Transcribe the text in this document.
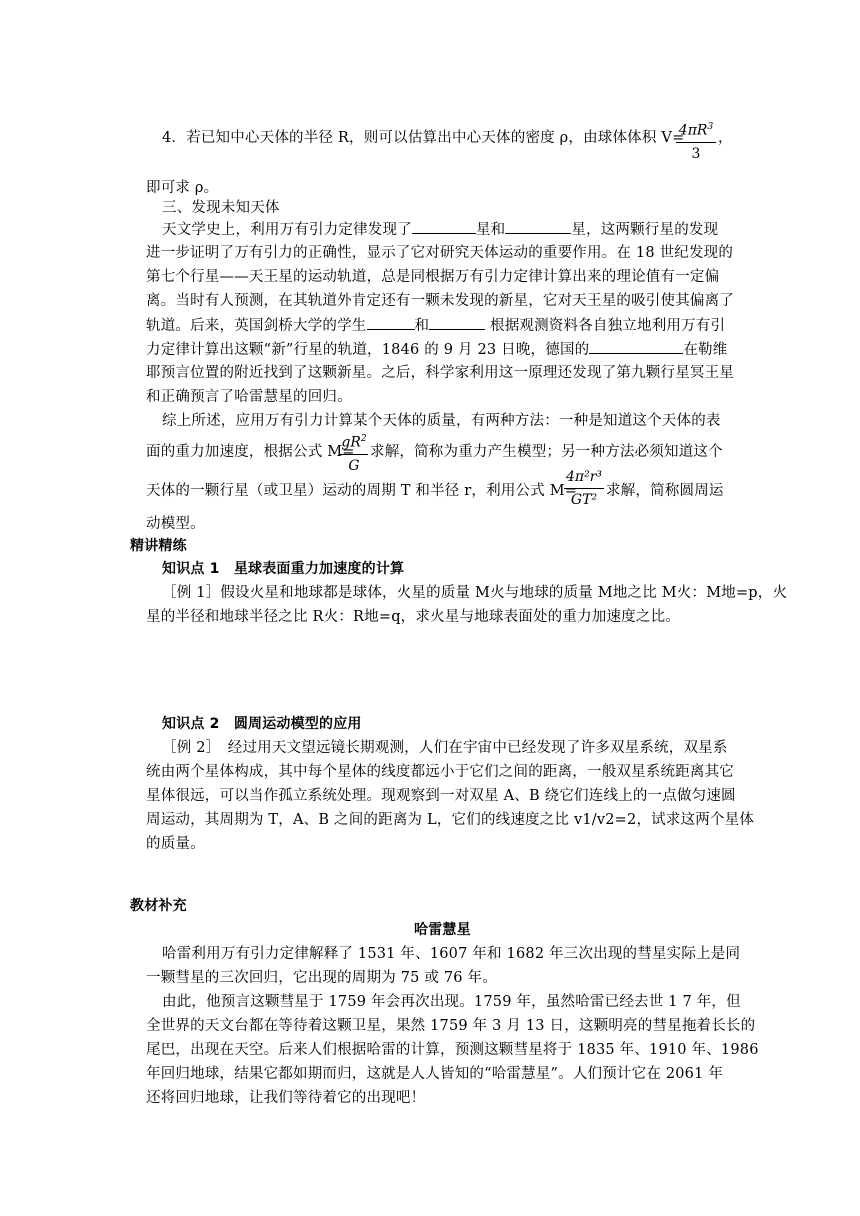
4．若已知中心天体的半径 R，则可以估算出中心天体的密度 ρ，由球体体积 V=
$4\pi R^3$
3
，
即可求 ρ。
三、发现未知天体
天文学史上，利用万有引力定律发现了	星和	星，这两颗行星的发现
进一步证明了万有引力的正确性，显示了它对研究天体运动的重要作用。在 18 世纪发现的
第七个行星——天王星的运动轨道，总是同根据万有引力定律计算出来的理论值有一定偏
离。当时有人预测，在其轨道外肯定还有一颗未发现的新星，它对天王星的吸引使其偏离了
轨道。后来，英国剑桥大学的学生	和	根据观测资料各自独立地利用万有引
力定律计算出这颗“新”行星的轨道，1846 的 9 月 23 日晚，德国的	在勒维
耶预言位置的附近找到了这颗新星。之后，科学家利用这一原理还发现了第九颗行星冥王星
和正确预言了哈雷慧星的回归。
综上所述，应用万有引力计算某个天体的质量，有两种方法：一种是知道这个天体的表
面的重力加速度，根据公式 M=
$gR^2$
G
求解，简称为重力产生模型；另一种方法必须知道这个
天体的一颗行星（或卫星）运动的周期 T 和半径 r，利用公式 M=
$\frac{\text{4π²r³}}{\text{GT²}}$ 求解，简称圆周运
动模型。
精讲精练
知识点 1　星球表面重力加速度的计算
［例 1］假设火星和地球都是球体，火星的质量 M火与地球的质量 M地之比 M火：M地=p，火
星的半径和地球半径之比 R火：R地=q，求火星与地球表面处的重力加速度之比。
知识点 2　圆周运动模型的应用
［例 2］　经过用天文望远镜长期观测，人们在宇宙中已经发现了许多双星系统，双星系
统由两个星体构成，其中每个星体的线度都远小于它们之间的距离，一般双星系统距离其它
星体很远，可以当作孤立系统处理。现观察到一对双星 A、B 绕它们连线上的一点做匀速圆
周运动，其周期为 T，A、B 之间的距离为 L，它们的线速度之比 v1/v2=2，试求这两个星体
的质量。
教材补充
哈雷慧星
哈雷利用万有引力定律解释了 1531 年、1607 年和 1682 年三次出现的彗星实际上是同
一颗彗星的三次回归，它出现的周期为 75 或 76 年。
由此，他预言这颗彗星于 1759 年会再次出现。1759 年，虽然哈雷已经去世 1 7 年，但
全世界的天文台都在等待着这颗卫星，果然 1759 年 3 月 13 日，这颗明亮的彗星拖着长长的
尾巴，出现在天空。后来人们根据哈雷的计算，预测这颗彗星将于 1835 年、1910 年、1986
年回归地球，结果它都如期而归，这就是人人皆知的“哈雷慧星”。人们预计它在 2061 年
还将回归地球，让我们等待着它的出现吧！
